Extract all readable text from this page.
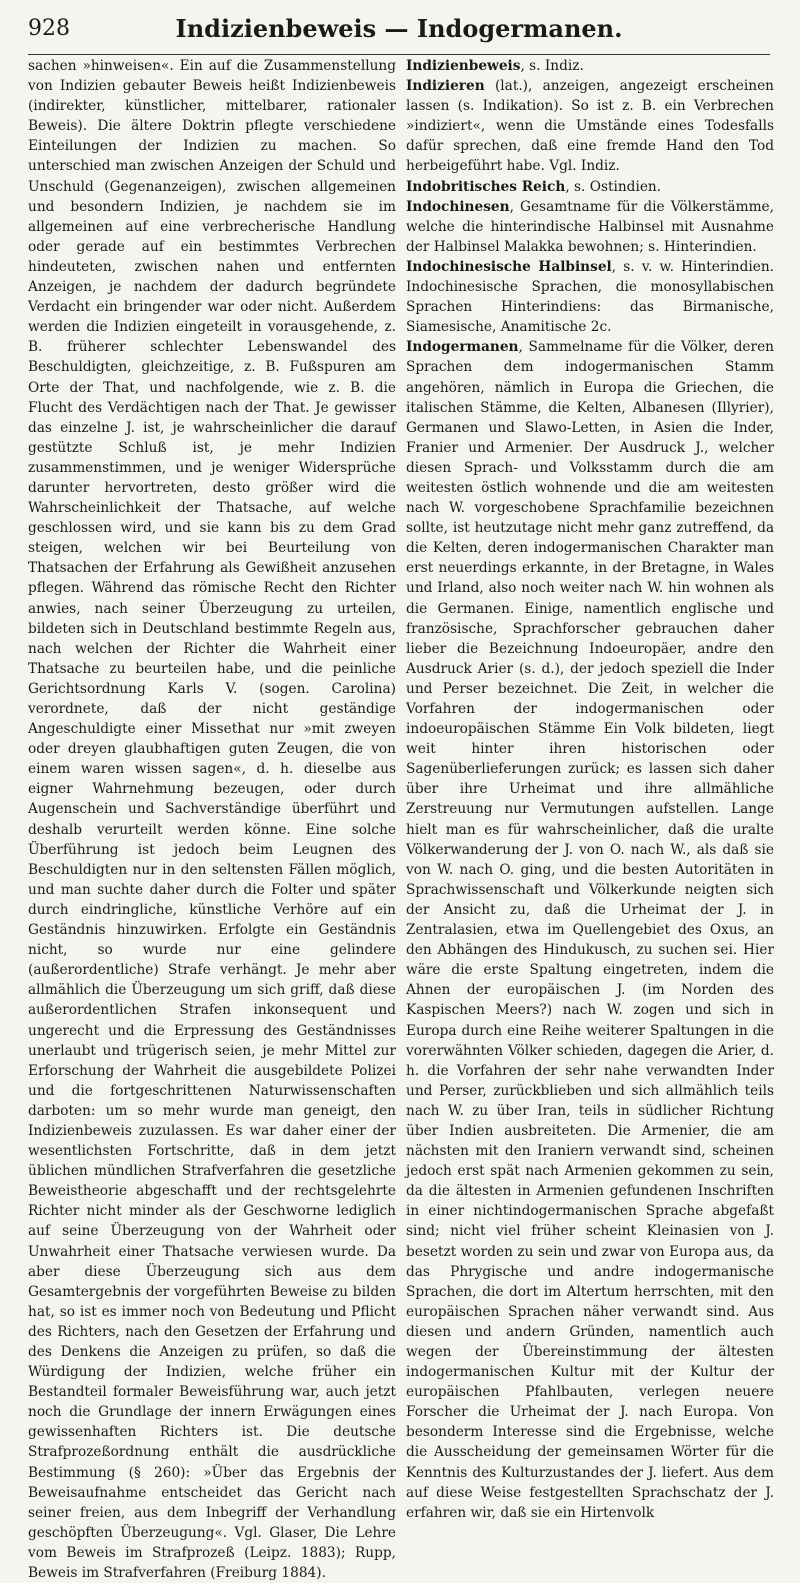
928	Indizienbeweis — Indogermanen.

sachen »hinweisen«. Ein auf die Zusammenstellung von Indizien gebauter Beweis heißt Indizienbeweis (indirekter, künstlicher, mittelbarer, rationaler Beweis). Die ältere Doktrin pflegte verschiedene Einteilungen der Indizien zu machen. So unterschied man zwischen Anzeigen der Schuld und Unschuld (Gegenanzeigen), zwischen allgemeinen und besondern Indizien, je nachdem sie im allgemeinen auf eine verbrecherische Handlung oder gerade auf ein bestimmtes Verbrechen hindeuteten, zwischen nahen und entfernten Anzeigen, je nachdem der dadurch begründete Verdacht ein bringender war oder nicht. Außerdem werden die Indizien eingeteilt in vorausgehende, z. B. früherer schlechter Lebenswandel des Beschuldigten, gleichzeitige, z. B. Fußspuren am Orte der That, und nachfolgende, wie z. B. die Flucht des Verdächtigen nach der That. Je gewisser das einzelne J. ist, je wahrscheinlicher die darauf gestützte Schluß ist, je mehr Indizien zusammenstimmen, und je weniger Widersprüche darunter hervortreten, desto größer wird die Wahrscheinlichkeit der Thatsache, auf welche geschlossen wird, und sie kann bis zu dem Grad steigen, welchen wir bei Beurteilung von Thatsachen der Erfahrung als Gewißheit anzusehen pflegen. Während das römische Recht den Richter anwies, nach seiner Überzeugung zu urteilen, bildeten sich in Deutschland bestimmte Regeln aus, nach welchen der Richter die Wahrheit einer Thatsache zu beurteilen habe, und die peinliche Gerichtsordnung Karls V. (sogen. Carolina) verordnete, daß der nicht geständige Angeschuldigte einer Missethat nur »mit zweyen oder dreyen glaubhaftigen guten Zeugen, die von einem waren wissen sagen«, d. h. dieselbe aus eigner Wahrnehmung bezeugen, oder durch Augenschein und Sachverständige überführt und deshalb verurteilt werden könne. Eine solche Überführung ist jedoch beim Leugnen des Beschuldigten nur in den seltensten Fällen möglich, und man suchte daher durch die Folter und später durch eindringliche, künstliche Verhöre auf ein Geständnis hinzuwirken. Erfolgte ein Geständnis nicht, so wurde nur eine gelindere (außerordentliche) Strafe verhängt. Je mehr aber allmählich die Überzeugung um sich griff, daß diese außerordentlichen Strafen inkonsequent und ungerecht und die Erpressung des Geständnisses unerlaubt und trügerisch seien, je mehr Mittel zur Erforschung der Wahrheit die ausgebildete Polizei und die fortgeschrittenen Naturwissenschaften darboten: um so mehr wurde man geneigt, den Indizienbeweis zuzulassen. Es war daher einer der wesentlichsten Fortschritte, daß in dem jetzt üblichen mündlichen Strafverfahren die gesetzliche Beweistheorie abgeschafft und der rechtsgelehrte Richter nicht minder als der Geschworne lediglich auf seine Überzeugung von der Wahrheit oder Unwahrheit einer Thatsache verwiesen wurde. Da aber diese Überzeugung sich aus dem Gesamtergebnis der vorgeführten Beweise zu bilden hat, so ist es immer noch von Bedeutung und Pflicht des Richters, nach den Gesetzen der Erfahrung und des Denkens die Anzeigen zu prüfen, so daß die Würdigung der Indizien, welche früher ein Bestandteil formaler Beweisführung war, auch jetzt noch die Grundlage der innern Erwägungen eines gewissenhaften Richters ist. Die deutsche Strafprozeßordnung enthält die ausdrückliche Bestimmung (§ 260): »Über das Ergebnis der Beweisaufnahme entscheidet das Gericht nach seiner freien, aus dem Inbegriff der Verhandlung geschöpften Überzeugung«. Vgl. Glaser, Die Lehre vom Beweis im Strafprozeß (Leipz. 1883); Rupp, Beweis im Strafverfahren (Freiburg 1884).

Indizienbeweis, s. Indiz.

Indizieren (lat.), anzeigen, angezeigt erscheinen lassen (s. Indikation). So ist z. B. ein Verbrechen »indiziert«, wenn die Umstände eines Todesfalls dafür sprechen, daß eine fremde Hand den Tod herbeigeführt habe. Vgl. Indiz.

Indobritisches Reich, s. Ostindien.

Indochinesen, Gesamtname für die Völkerstämme, welche die hinterindische Halbinsel mit Ausnahme der Halbinsel Malakka bewohnen; s. Hinterindien.

Indochinesische Halbinsel, s. v. w. Hinterindien. Indochinesische Sprachen, die monosyllabischen Sprachen Hinterindiens: das Birmanische, Siamesische, Anamitische 2c.

Indogermanen, Sammelname für die Völker, deren Sprachen dem indogermanischen Stamm angehören, nämlich in Europa die Griechen, die italischen Stämme, die Kelten, Albanesen (Illyrier), Germanen und Slawo-Letten, in Asien die Inder, Franier und Armenier. Der Ausdruck J., welcher diesen Sprach- und Volksstamm durch die am weitesten östlich wohnende und die am weitesten nach W. vorgeschobene Sprachfamilie bezeichnen sollte, ist heutzutage nicht mehr ganz zutreffend, da die Kelten, deren indogermanischen Charakter man erst neuerdings erkannte, in der Bretagne, in Wales und Irland, also noch weiter nach W. hin wohnen als die Germanen. Einige, namentlich englische und französische, Sprachforscher gebrauchen daher lieber die Bezeichnung Indoeuropäer, andre den Ausdruck Arier (s. d.), der jedoch speziell die Inder und Perser bezeichnet. Die Zeit, in welcher die Vorfahren der indogermanischen oder indoeuropäischen Stämme Ein Volk bildeten, liegt weit hinter ihren historischen oder Sagenüberlieferungen zurück; es lassen sich daher über ihre Urheimat und ihre allmähliche Zerstreuung nur Vermutungen aufstellen. Lange hielt man es für wahrscheinlicher, daß die uralte Völkerwanderung der J. von O. nach W., als daß sie von W. nach O. ging, und die besten Autoritäten in Sprachwissenschaft und Völkerkunde neigten sich der Ansicht zu, daß die Urheimat der J. in Zentralasien, etwa im Quellengebiet des Oxus, an den Abhängen des Hindukusch, zu suchen sei. Hier wäre die erste Spaltung eingetreten, indem die Ahnen der europäischen J. (im Norden des Kaspischen Meers?) nach W. zogen und sich in Europa durch eine Reihe weiterer Spaltungen in die vorerwähnten Völker schieden, dagegen die Arier, d. h. die Vorfahren der sehr nahe verwandten Inder und Perser, zurückblieben und sich allmählich teils nach W. zu über Iran, teils in südlicher Richtung über Indien ausbreiteten. Die Armenier, die am nächsten mit den Iraniern verwandt sind, scheinen jedoch erst spät nach Armenien gekommen zu sein, da die ältesten in Armenien gefundenen Inschriften in einer nichtindogermanischen Sprache abgefaßt sind; nicht viel früher scheint Kleinasien von J. besetzt worden zu sein und zwar von Europa aus, da das Phrygische und andre indogermanische Sprachen, die dort im Altertum herrschten, mit den europäischen Sprachen näher verwandt sind. Aus diesen und andern Gründen, namentlich auch wegen der Übereinstimmung der ältesten indogermanischen Kultur mit der Kultur der europäischen Pfahlbauten, verlegen neuere Forscher die Urheimat der J. nach Europa. Von besonderm Interesse sind die Ergebnisse, welche die Ausscheidung der gemeinsamen Wörter für die Kenntnis des Kulturzustandes der J. liefert. Aus dem auf diese Weise festgestellten Sprachschatz der J. erfahren wir, daß sie ein Hirtenvolk
